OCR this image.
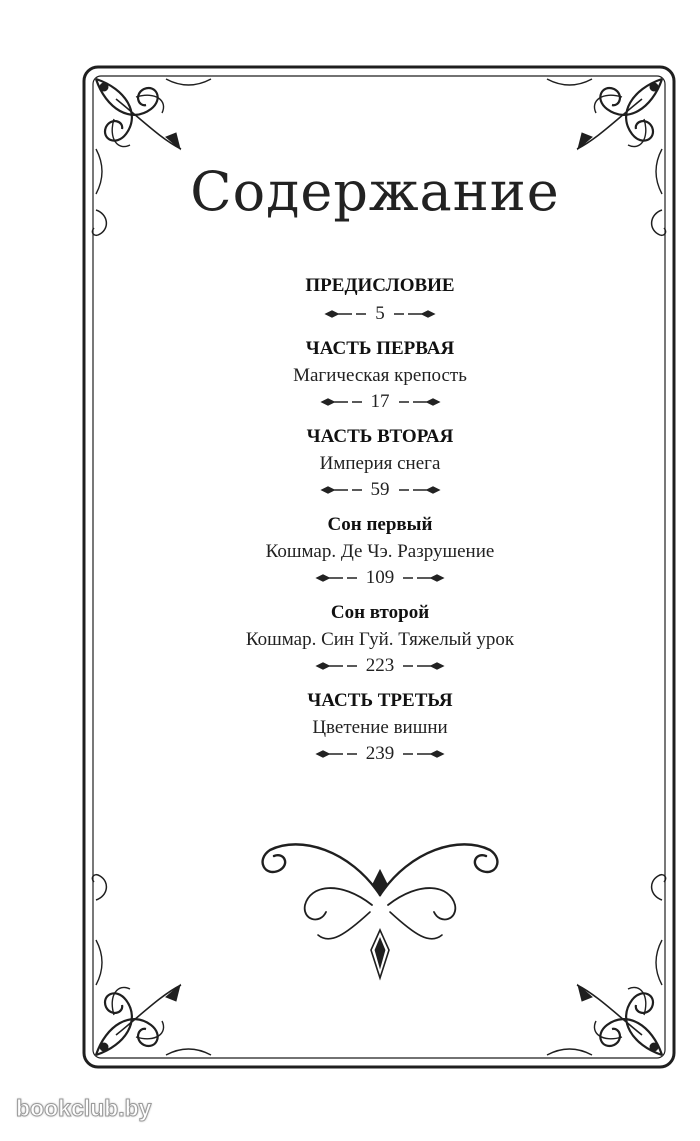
Содержание
ПРЕДИСЛОВИЕ
5
ЧАСТЬ ПЕРВАЯ
Магическая крепость
17
ЧАСТЬ ВТОРАЯ
Империя снега
59
Сон первый
Кошмар. Де Чэ. Разрушение
109
Сон второй
Кошмар. Син Гуй. Тяжелый урок
223
ЧАСТЬ ТРЕТЬЯ
Цветение вишни
239
bookclub.by
